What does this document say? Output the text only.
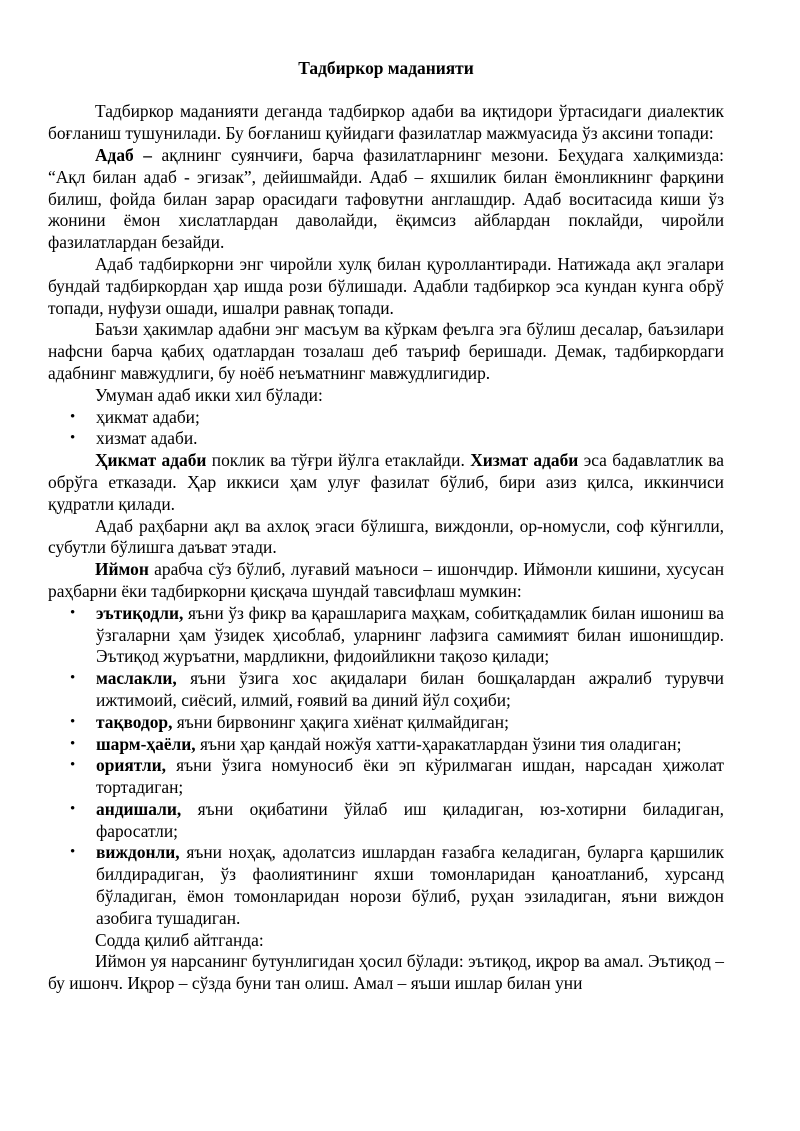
Тадбиркор маданияти

Тадбиркор маданияти деганда тадбиркор адаби ва иқтидори ўртасидаги диалектик боғланиш тушунилади. Бу боғланиш қуйидаги фазилатлар мажмуасида ўз аксини топади:

Адаб – ақлнинг суянчиғи, барча фазилатларнинг мезони. Беҳудага халқимизда: “Ақл билан адаб - эгизак”, дейишмайди. Адаб – яхшилик билан ёмонликнинг фарқини билиш, фойда билан зарар орасидаги тафовутни англашдир. Адаб воситасида киши ўз жонини ёмон хислатлардан даволайди, ёқимсиз айблардан поклайди, чиройли фазилатлардан безайди.

Адаб тадбиркорни энг чиройли хулқ билан қуроллантиради. Натижада ақл эгалари бундай тадбиркордан ҳар ишда рози бўлишади. Адабли тадбиркор эса кундан кунга обрў топади, нуфузи ошади, ишалри равнақ топади.

Баъзи ҳакимлар адабни энг масъум ва кўркам феълга эга бўлиш десалар, баъзилари нафсни барча қабиҳ одатлардан тозалаш деб таъриф беришади. Демак, тадбиркордаги адабнинг мавжудлиги, бу ноёб неъматнинг мавжудлигидир.

Умуман адаб икки хил бўлади:

• ҳикмат адаби;
• хизмат адаби.

Ҳикмат адаби поклик ва тўғри йўлга етаклайди. Хизмат адаби эса бадавлатлик ва обрўга етказади. Ҳар иккиси ҳам улуғ фазилат бўлиб, бири азиз қилса, иккинчиси қудратли қилади.

Адаб раҳбарни ақл ва ахлоқ эгаси бўлишга, виждонли, ор-номусли, соф кўнгилли, субутли бўлишга даъват этади.

Иймон арабча сўз бўлиб, луғавий маъноси – ишончдир. Иймонли кишини, хусусан раҳбарни ёки тадбиркорни қисқача шундай тавсифлаш мумкин:

• эътиқодли, яъни ўз фикр ва қарашларига маҳкам, собитқадамлик билан ишониш ва ўзгаларни ҳам ўзидек ҳисоблаб, уларнинг лафзига самимият билан ишонишдир. Эътиқод журъатни, мардликни, фидоийликни тақозо қилади;
• маслакли, яъни ўзига хос ақидалари билан бошқалардан ажралиб турувчи ижтимоий, сиёсий, илмий, ғоявий ва диний йўл соҳиби;
• тақводор, яъни бирвонинг ҳақига хиёнат қилмайдиган;
• шарм-ҳаёли, яъни ҳар қандай ножўя хатти-ҳаракатлардан ўзини тия оладиган;
• ориятли, яъни ўзига номуносиб ёки эп кўрилмаган ишдан, нарсадан ҳижолат тортадиган;
• андишали, яъни оқибатини ўйлаб иш қиладиган, юз-хотирни биладиган, фаросатли;
• виждонли, яъни ноҳақ, адолатсиз ишлардан ғазабга келадиган, буларга қаршилик билдирадиган, ўз фаолиятининг яхши томонларидан қаноатланиб, хурсанд бўладиган, ёмон томонларидан норози бўлиб, руҳан эзиладиган, яъни виждон азобига тушадиган.

Содда қилиб айтганда:

Иймон уя нарсанинг бутунлигидан ҳосил бўлади: эътиқод, иқрор ва амал. Эътиқод – бу ишонч. Иқрор – сўзда буни тан олиш. Амал – яъши ишлар билан уни
